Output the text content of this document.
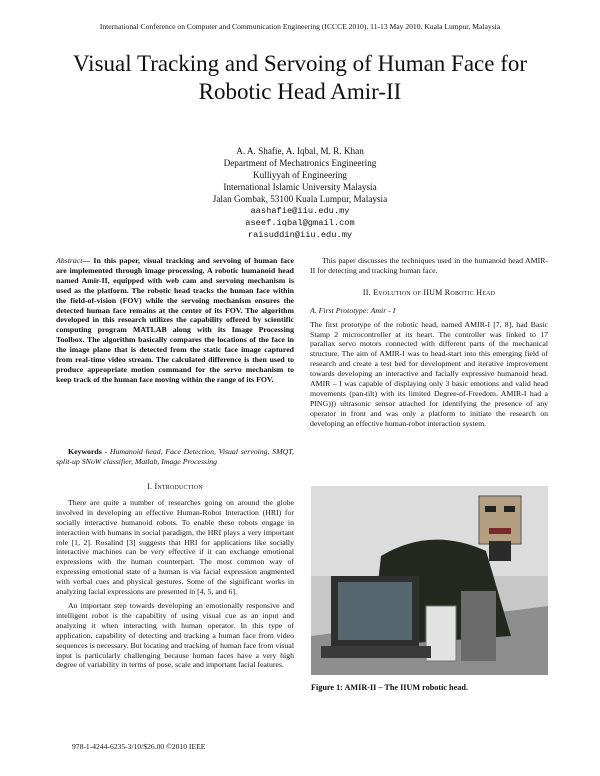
International Conference on Computer and Communication Engineering (ICCCE 2010), 11-13 May 2010, Kuala Lumpur, Malaysia
Visual Tracking and Servoing of Human Face for
Robotic Head Amir-II
A. A. Shafie, A. Iqbal, M. R. Khan
Department of Mechatronics Engineering
Kulliyyah of Engineering
International Islamic University Malaysia
Jalan Gombak, 53100 Kuala Lumpur, Malaysia
aashafie@iiu.edu.my
aseef.iqbal@gmail.com
raisuddin@iiu.edu.my

Abstract— In this paper, visual tracking and servoing of human face are implemented through image processing. A robotic humanoid head named Amir-II, equipped with web cam and servoing mechanism is used as the platform. The robotic head tracks the human face within the field-of-vision (FOV) while the servoing mechanism ensures the detected human face remains at the center of its FOV. The algorithm developed in this research utilizes the capability offered by scientific computing program MATLAB along with its Image Processing Toolbox. The algorithm basically compares the locations of the face in the image plane that is detected from the static face image captured from real-time video stream. The calculated difference is then used to produce appropriate motion command for the servo mechanism to keep track of the human face moving within the range of its FOV.

Keywords - Humanoid head, Face Detection, Visual servoing, SMQT, split-up SNoW classifier, Matlab, Image Processing

I. Introduction

There are quite a number of researches going on around the globe involved in developing an effective Human-Robot Interaction (HRI) for socially interactive humanoid robots. To enable these robots engage in interaction with humans in social paradigm, the HRI plays a very important role [1, 2]. Rosalind [3] suggests that HRI for applications like socially interactive machines can be very effective if it can exchange emotional expressions with the human counterpart. The most common way of expressing emotional state of a human is via facial expression augmented with verbal cues and physical gestures. Some of the significant works in analyzing facial expressions are presented in [4, 5, and 6].

An important step towards developing an emotionally responsive and intelligent robot is the capability of using visual cue as an input and analyzing it when interacting with human operator. In this type of application, capability of detecting and tracking a human face from video sequences is necessary. But locating and tracking of human face from visual input is particularly challenging because human faces have a very high degree of variability in terms of pose, scale and important facial features.

This paper discusses the techniques used in the humanoid head AMIR-II for detecting and tracking human face.

II. Evolution of IIUM Robotic Head

A. First Prototype: Amir - I

The first prototype of the robotic head, named AMIR-I [7, 8], had Basic Stamp 2 microcontroller at its heart. The controller was linked to 17 parallax servo motors connected with different parts of the mechanical structure. The aim of AMIR-I was to head-start into this emerging field of research and create a test bed for development and iterative improvement towards developing an interactive and facially expressive humanoid head. AMIR – I was capable of displaying only 3 basic emotions and valid head movements (pan-tilt) with its limited Degree-of-Freedom. AMIR-I had a PING))) ultrasonic sensor attached for identifying the presence of any operator in front and was only a platform to initiate the research on developing an effective human-robot interaction system.

Figure 1: AMIR-II – The IIUM robotic head.
978-1-4244-6235-3/10/$26.00 ©2010 IEEE
